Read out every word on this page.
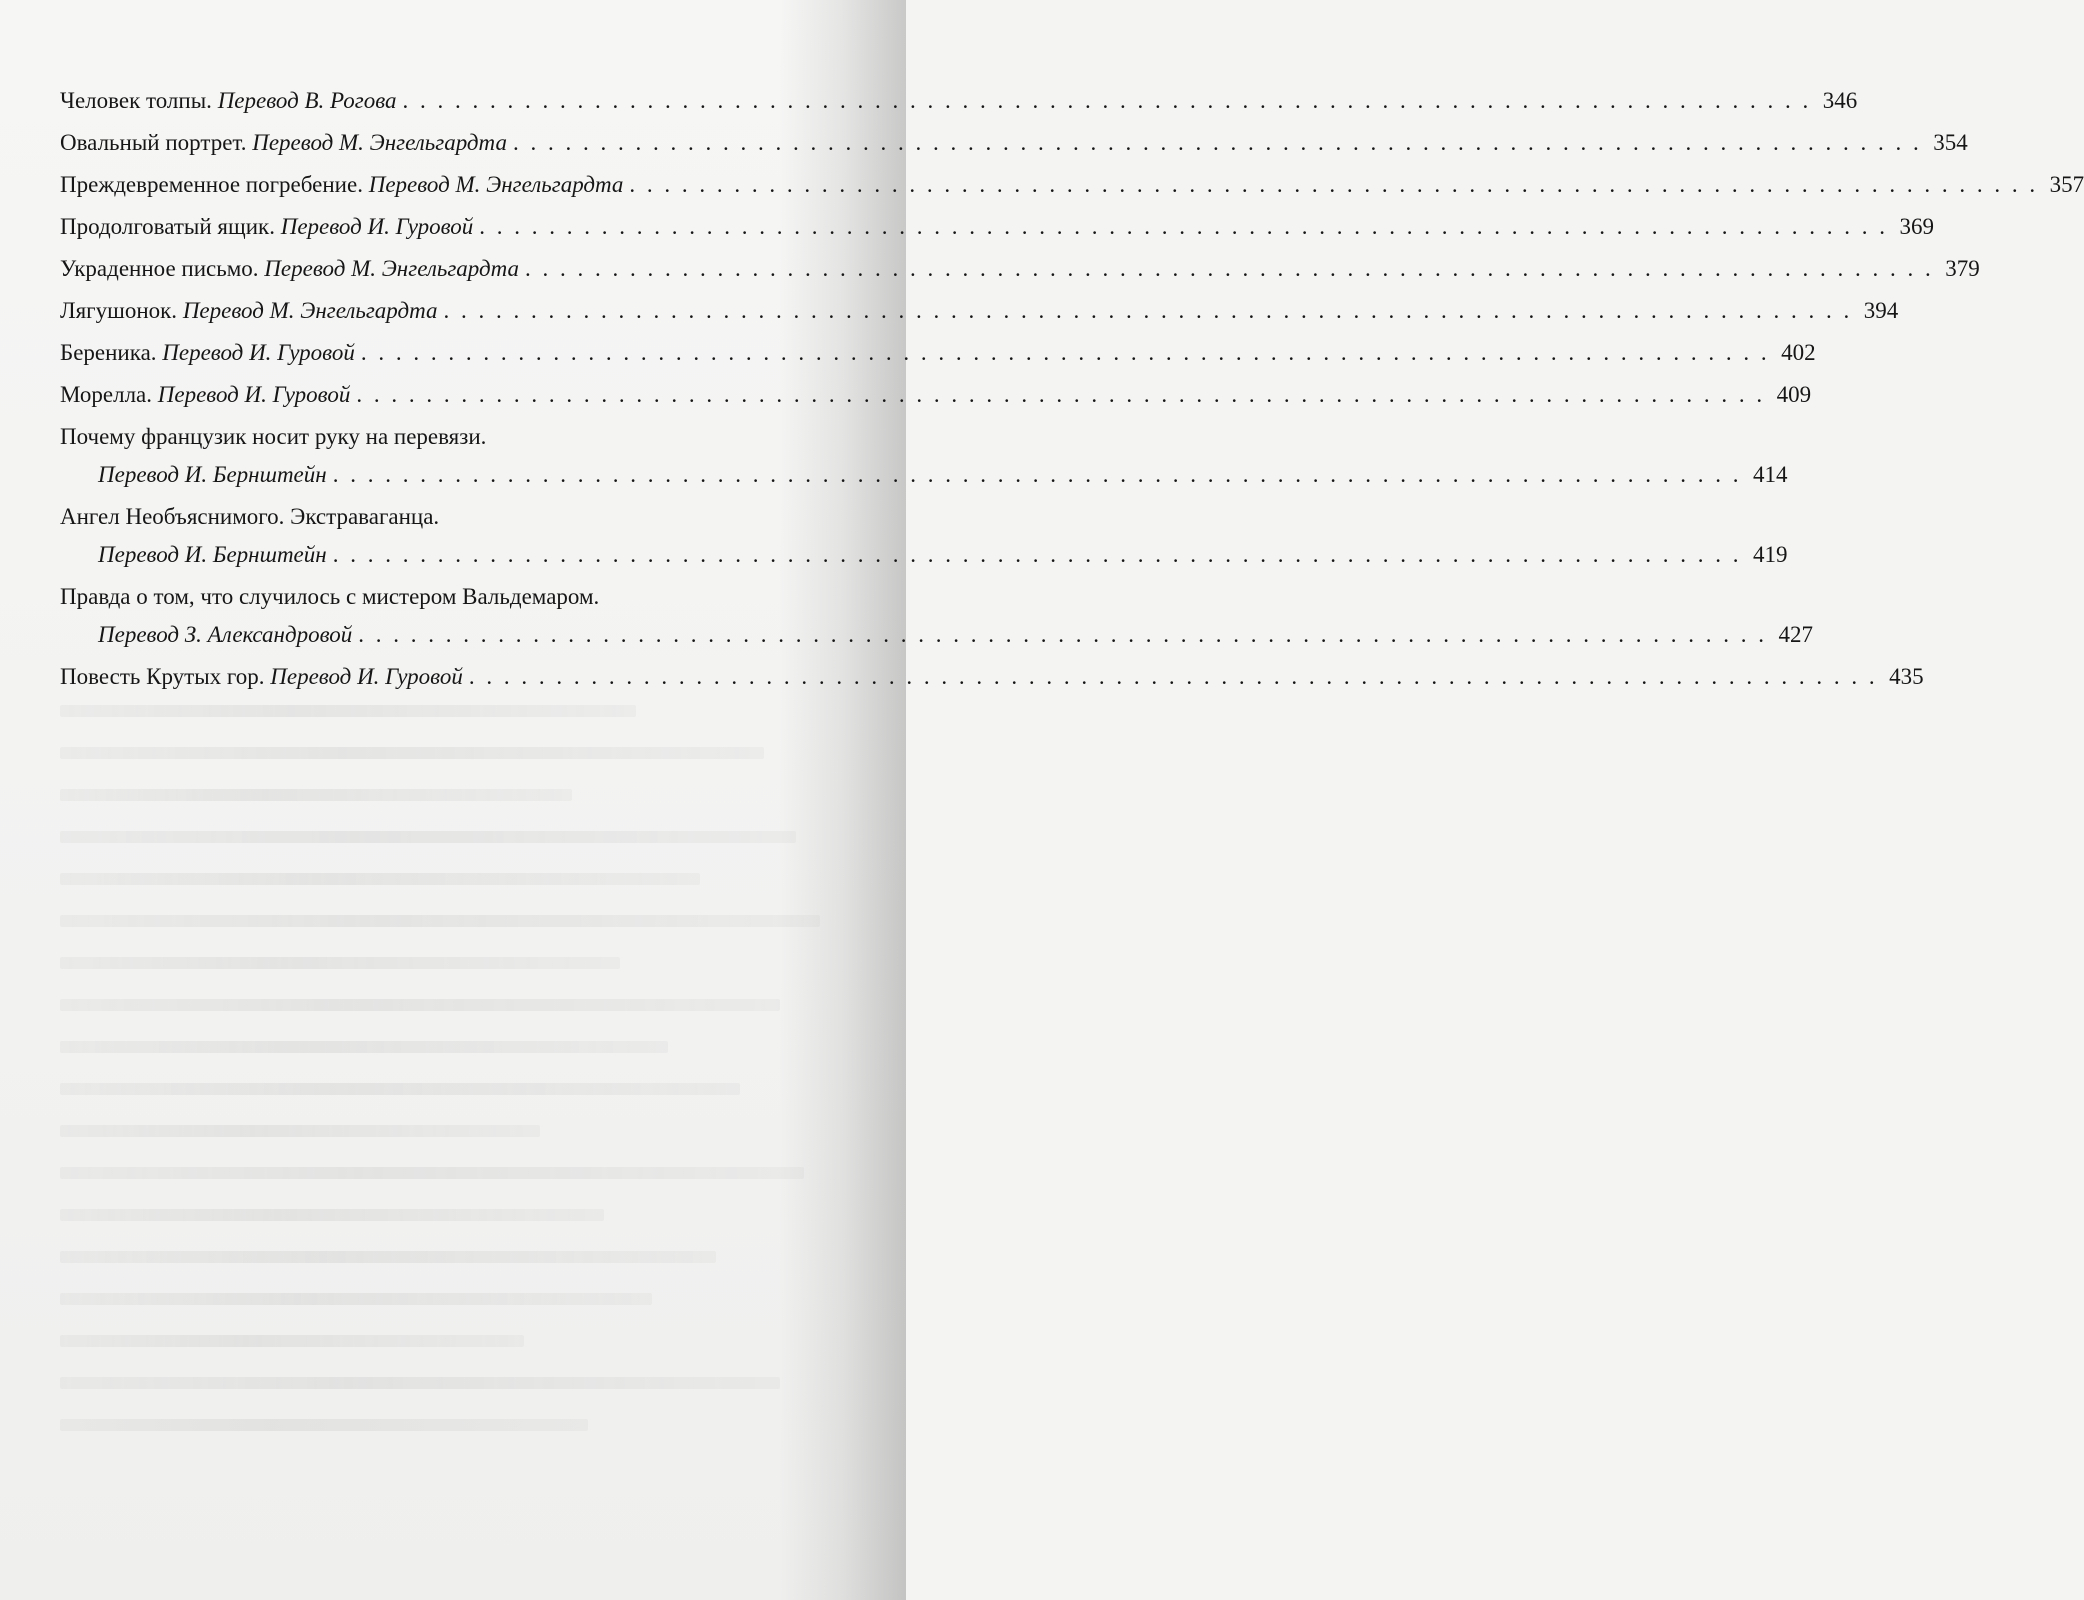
Человек толпы.
Перевод В. Рогова . . . . . . . . . . . . . . . . . . . . . . . . . . . . . . . . . . . . . . . . . . . . . . . . . . . . . . . . . . . . . . . . . . . . . . . . . . . . . . . . . 346
Овальный портрет.
Перевод М. Энгельгардта . . . . . . . . . . . . . . . . . . . . . . . . . . . . . . . . . . . . . . . . . . . . . . . . . . . . . . . . . . . . . . . . . . . . . . . . . . . . . . . . . 354
Преждевременное погребение.
Перевод М. Энгельгардта . . . . . . . . . . . . . . . . . . . . . . . . . . . . . . . . . . . . . . . . . . . . . . . . . . . . . . . . . . . . . . . . . . . . . . . . . . . . . . . . . 357
Продолговатый ящик.
Перевод И. Гуровой . . . . . . . . . . . . . . . . . . . . . . . . . . . . . . . . . . . . . . . . . . . . . . . . . . . . . . . . . . . . . . . . . . . . . . . . . . . . . . . . . 369
Украденное письмо.
Перевод М. Энгельгардта . . . . . . . . . . . . . . . . . . . . . . . . . . . . . . . . . . . . . . . . . . . . . . . . . . . . . . . . . . . . . . . . . . . . . . . . . . . . . . . . . 379
Лягушонок.
Перевод М. Энгельгардта . . . . . . . . . . . . . . . . . . . . . . . . . . . . . . . . . . . . . . . . . . . . . . . . . . . . . . . . . . . . . . . . . . . . . . . . . . . . . . . . . 394
Береника.
Перевод И. Гуровой . . . . . . . . . . . . . . . . . . . . . . . . . . . . . . . . . . . . . . . . . . . . . . . . . . . . . . . . . . . . . . . . . . . . . . . . . . . . . . . . . 402
Морелла.
Перевод И. Гуровой . . . . . . . . . . . . . . . . . . . . . . . . . . . . . . . . . . . . . . . . . . . . . . . . . . . . . . . . . . . . . . . . . . . . . . . . . . . . . . . . . 409
Почему французик носит руку на перевязи.
Перевод И. Бернштейн . . . . . . . . . . . . . . . . . . . . . . . . . . . . . . . . . . . . . . . . . . . . . . . . . . . . . . . . . . . . . . . . . . . . . . . . . . . . . . . . . 414
Ангел Необъяснимого. Экстраваганца.
Перевод И. Бернштейн . . . . . . . . . . . . . . . . . . . . . . . . . . . . . . . . . . . . . . . . . . . . . . . . . . . . . . . . . . . . . . . . . . . . . . . . . . . . . . . . . 419
Правда о том, что случилось с мистером Вальдемаром.
Перевод З. Александровой . . . . . . . . . . . . . . . . . . . . . . . . . . . . . . . . . . . . . . . . . . . . . . . . . . . . . . . . . . . . . . . . . . . . . . . . . . . . . . . . . 427
Повесть Крутых гор.
Перевод И. Гуровой . . . . . . . . . . . . . . . . . . . . . . . . . . . . . . . . . . . . . . . . . . . . . . . . . . . . . . . . . . . . . . . . . . . . . . . . . . . . . . . . . 435
